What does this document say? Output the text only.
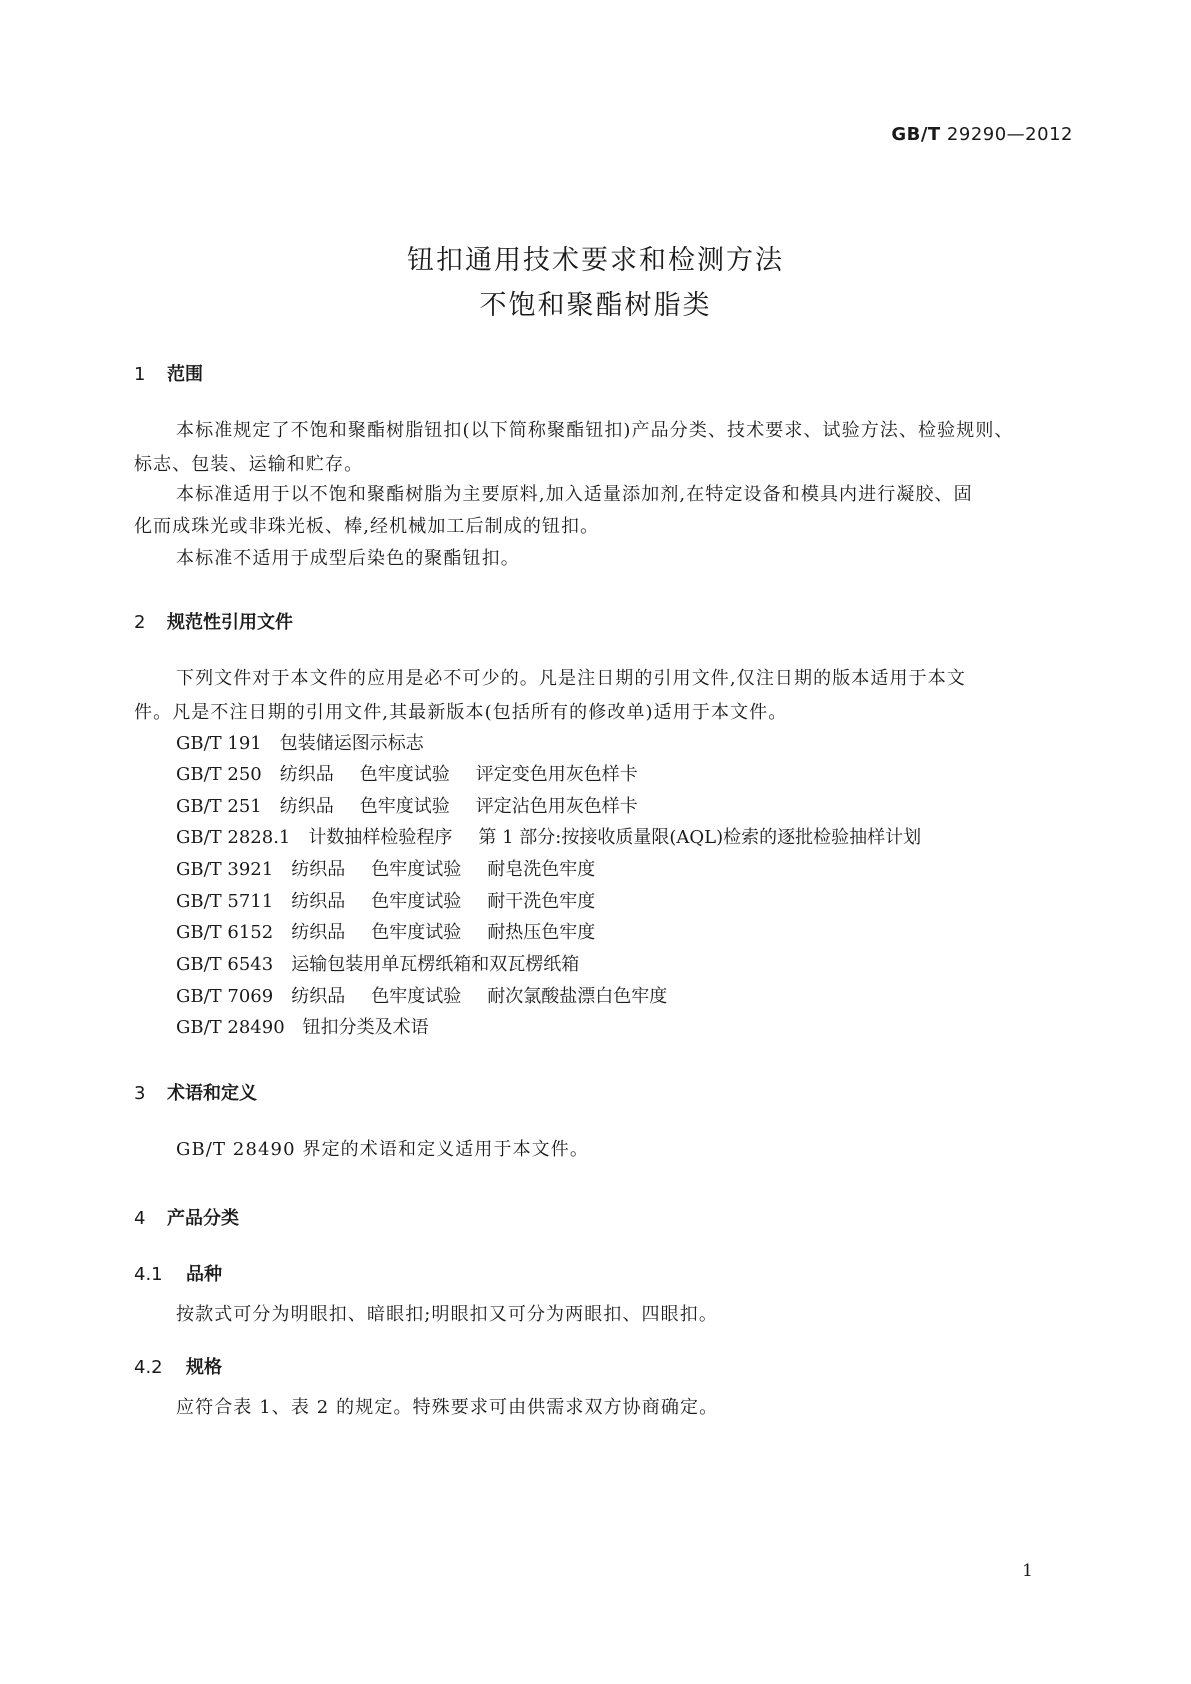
GB/T 29290—2012
钮扣通用技术要求和检测方法
不饱和聚酯树脂类
1 范围
本标准规定了不饱和聚酯树脂钮扣(以下简称聚酯钮扣)产品分类、技术要求、试验方法、检验规则、
标志、包装、运输和贮存。
本标准适用于以不饱和聚酯树脂为主要原料,加入适量添加剂,在特定设备和模具内进行凝胶、固
化而成珠光或非珠光板、棒,经机械加工后制成的钮扣。
本标准不适用于成型后染色的聚酯钮扣。
2 规范性引用文件
下列文件对于本文件的应用是必不可少的。凡是注日期的引用文件,仅注日期的版本适用于本文
件。凡是不注日期的引用文件,其最新版本(包括所有的修改单)适用于本文件。
GB/T 191 包装储运图示标志
GB/T 250 纺织品 色牢度试验 评定变色用灰色样卡
GB/T 251 纺织品 色牢度试验 评定沾色用灰色样卡
GB/T 2828.1 计数抽样检验程序 第 1 部分:按接收质量限(AQL)检索的逐批检验抽样计划
GB/T 3921 纺织品 色牢度试验 耐皂洗色牢度
GB/T 5711 纺织品 色牢度试验 耐干洗色牢度
GB/T 6152 纺织品 色牢度试验 耐热压色牢度
GB/T 6543 运输包装用单瓦楞纸箱和双瓦楞纸箱
GB/T 7069 纺织品 色牢度试验 耐次氯酸盐漂白色牢度
GB/T 28490 钮扣分类及术语
3 术语和定义
GB/T 28490 界定的术语和定义适用于本文件。
4 产品分类
4.1 品种
按款式可分为明眼扣、暗眼扣;明眼扣又可分为两眼扣、四眼扣。
4.2 规格
应符合表 1、表 2 的规定。特殊要求可由供需求双方协商确定。
1
